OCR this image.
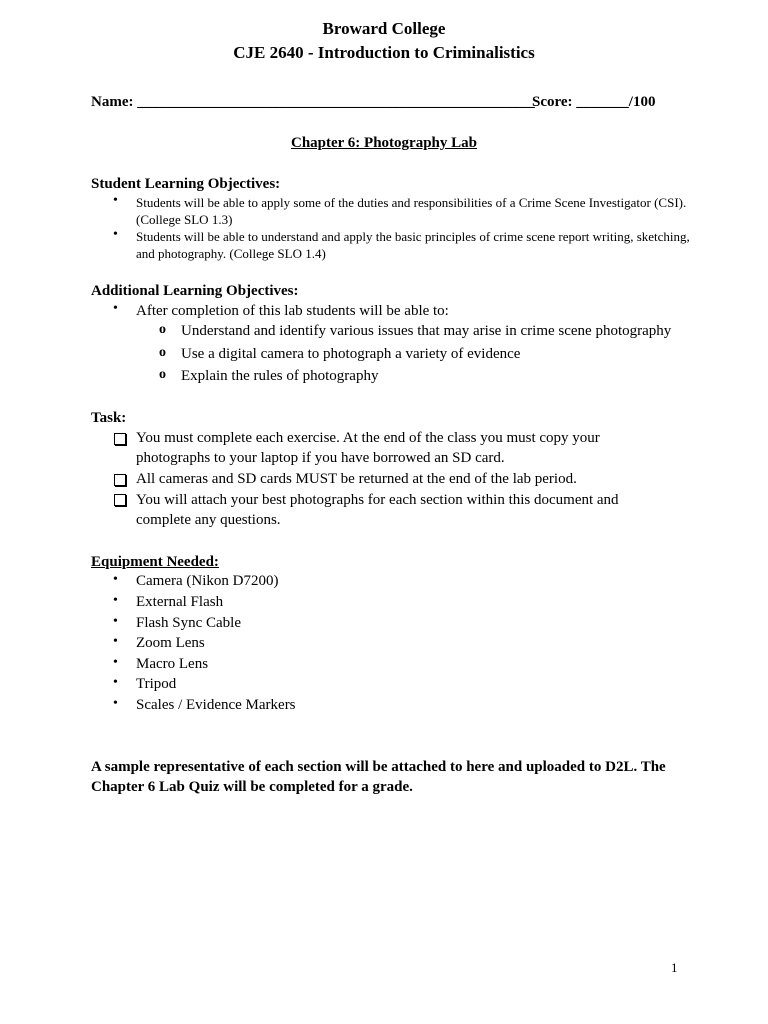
Broward College
CJE 2640 - Introduction to Criminalistics
Name: _____________________________________________________
Score: _______/100
Chapter 6: Photography Lab
Student Learning Objectives:
• Students will be able to apply some of the duties and responsibilities of a Crime Scene Investigator (CSI).
(College SLO 1.3)
• Students will be able to understand and apply the basic principles of crime scene report writing, sketching,
and photography. (College SLO 1.4)
Additional Learning Objectives:
• After completion of this lab students will be able to:
o Understand and identify various issues that may arise in crime scene photography
o Use a digital camera to photograph a variety of evidence
o Explain the rules of photography
Task:
You must complete each exercise. At the end of the class you must copy your
photographs to your laptop if you have borrowed an SD card.
All cameras and SD cards MUST be returned at the end of the lab period.
You will attach your best photographs for each section within this document and
complete any questions.
Equipment Needed:
• Camera (Nikon D7200)
• External Flash
• Flash Sync Cable
• Zoom Lens
• Macro Lens
• Tripod
• Scales / Evidence Markers
A sample representative of each section will be attached to here and uploaded to D2L. The
Chapter 6 Lab Quiz will be completed for a grade.
1
